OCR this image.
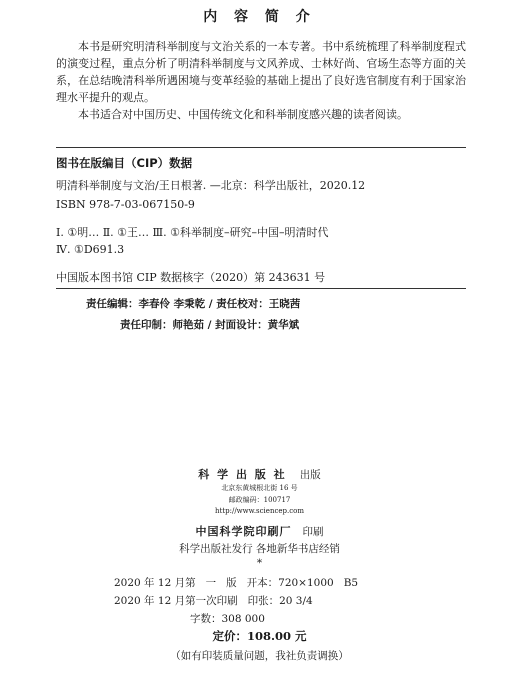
内 容 简 介

本书是研究明清科举制度与文治关系的一本专著。书中系统梳理了科举制度程式的演变过程，重点分析了明清科举制度与文风养成、士林好尚、官场生态等方面的关系，在总结晚清科举所遇困境与变革经验的基础上提出了良好选官制度有利于国家治理水平提升的观点。

本书适合对中国历史、中国传统文化和科举制度感兴趣的读者阅读。

图书在版编目（CIP）数据
明清科举制度与文治/王日根著. —北京：科学出版社，2020.12
ISBN 978-7-03-067150-9
Ⅰ. ①明… Ⅱ. ①王… Ⅲ. ①科举制度–研究–中国–明清时代
Ⅳ. ①D691.3
中国版本图书馆 CIP 数据核字（2020）第 243631 号
责任编辑：李春伶 李秉乾 / 责任校对：王晓茜
责任印制：师艳茹 / 封面设计：黄华斌
科 学 出 版 社 出版
北京东黄城根北街 16 号
邮政编码：100717
http://www.sciencep.com
中国科学院印刷厂 印刷
科学出版社发行 各地新华书店经销
*
2020 年 12 月第   一   版   开本：720×1000   B5
2020 年 12 月第一次印刷   印张：20 3/4
字数：308 000
定价：108.00 元
（如有印装质量问题，我社负责调换）
